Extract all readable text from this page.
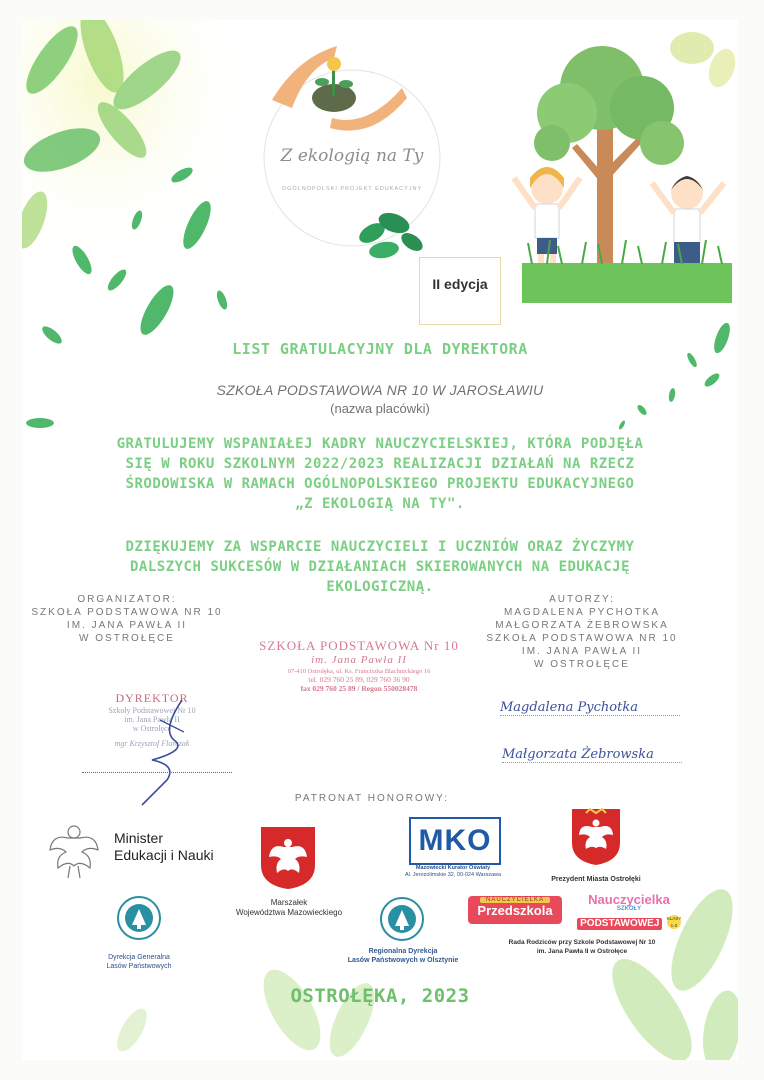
Z ekologią na Ty
OGÓLNOPOLSKI PROJEKT EDUKACYJNY
II edycja
LIST GRATULACYJNY DLA DYREKTORA
SZKOŁA PODSTAWOWA NR 10 W JAROSŁAWIU
(nazwa placówki)
GRATULUJEMY WSPANIAŁEJ KADRY NAUCZYCIELSKIEJ, KTÓRA PODJĘŁA
SIĘ W ROKU SZKOLNYM 2022/2023 REALIZACJI DZIAŁAŃ NA RZECZ
ŚRODOWISKA W RAMACH OGÓLNOPOLSKIEGO PROJEKTU EDUKACYJNEGO
„Z EKOLOGIĄ NA TY".
DZIĘKUJEMY ZA WSPARCIE NAUCZYCIELI I UCZNIÓW ORAZ ŻYCZYMY
DALSZYCH SUKCESÓW W DZIAŁANIACH SKIEROWANYCH NA EDUKACJĘ
EKOLOGICZNĄ.
ORGANIZATOR:
SZKOŁA PODSTAWOWA NR 10
IM. JANA PAWŁA II
W OSTROŁĘCE
AUTORZY:
MAGDALENA PYCHOTKA
MAŁGORZATA ŻEBROWSKA
SZKOŁA PODSTAWOWA NR 10
IM. JANA PAWŁA II
W OSTROŁĘCE
SZKOŁA PODSTAWOWA Nr 10
im. Jana Pawła II
07-410 Ostrołęka, ul. Ks. Franciszka Blachnickiego 16
tel. 029 760 25 89, 029 760 36 90
fax 029 760 25 89 / Regon 550028478
DYREKTOR
Szkoły Podstawowej Nr 10
im. Jana Pawła II
w Ostrołęce
mgr Krzysztof Florczak
Magdalena Pychotka
Małgorzata Żebrowska
PATRONAT HONOROWY:
Minister
Edukacji i Nauki
Marszałek
Województwa Mazowieckiego
MKO
Mazowiecki Kurator Oświaty
Al. Jerozolimskie 32, 00-024 Warszawa
Prezydent Miasta Ostrołęki
Dyrekcja Generalna
Lasów Państwowych
Regionalna Dyrekcja
Lasów Państwowych w Olsztynie
NAUCZYCIELKA
Przedszkola
Nauczycielka
SZKOŁY
PODSTAWOWEJ KLASY 1-3
Rada Rodziców przy Szkole Podstawowej Nr 10
im. Jana Pawła II w Ostrołęce
OSTROŁĘKA, 2023
